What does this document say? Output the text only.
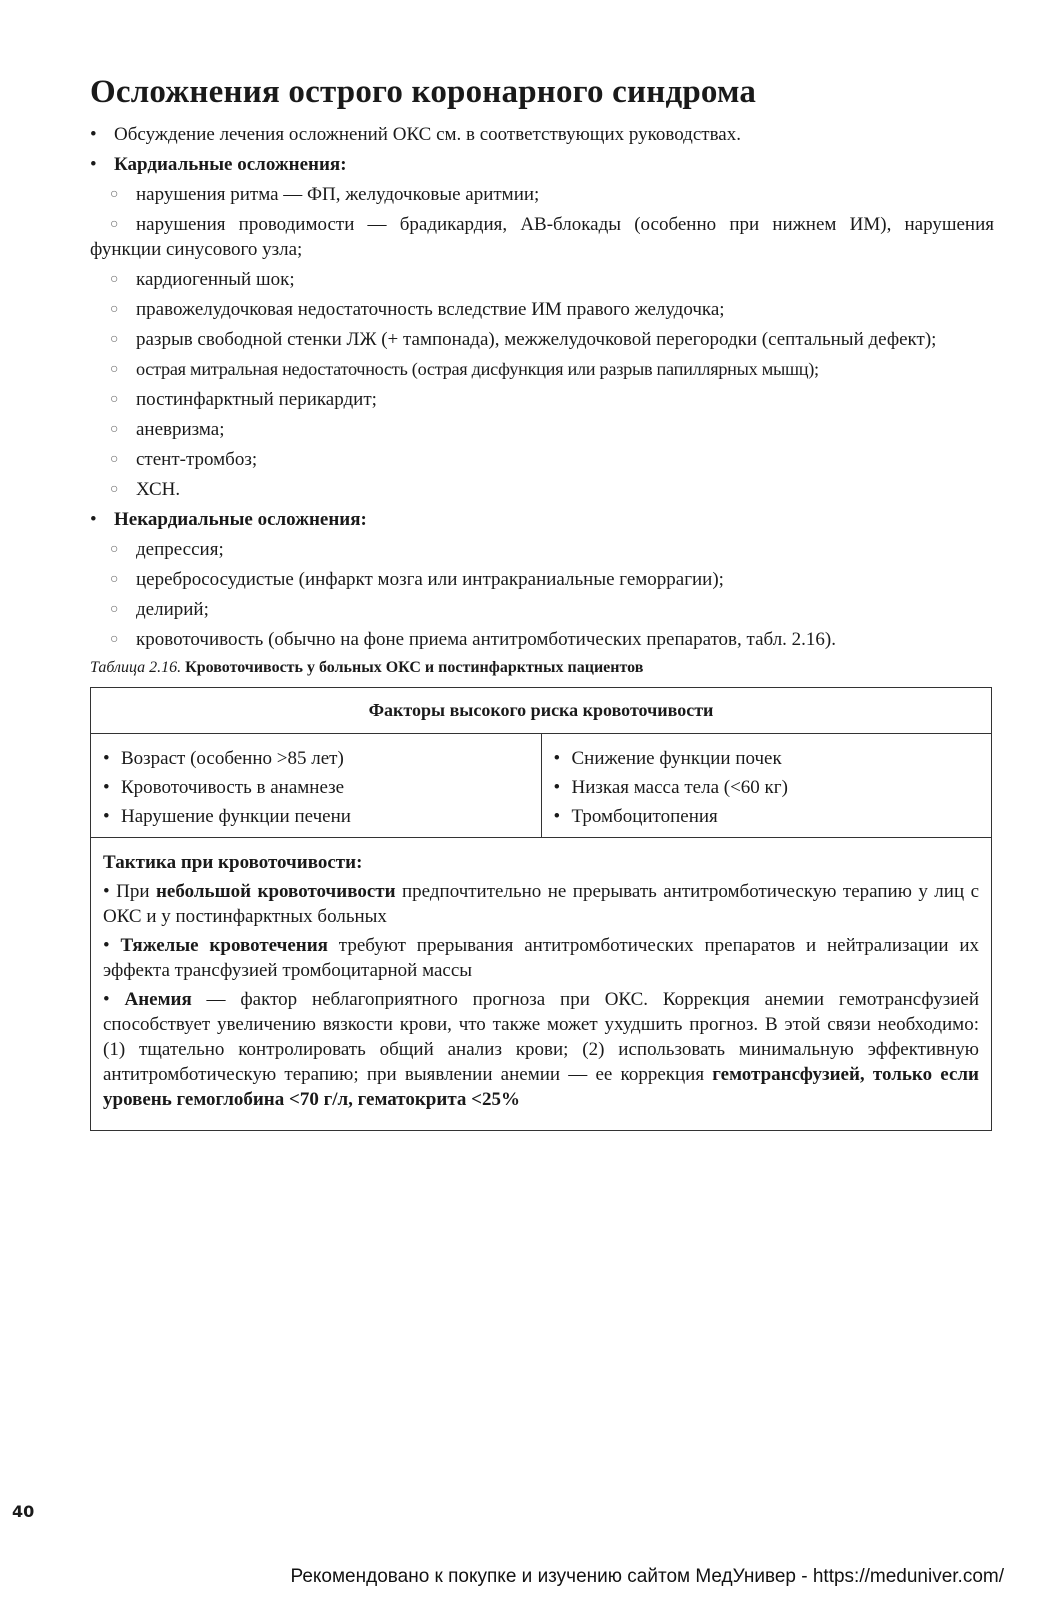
Осложнения острого коронарного синдрома
• Обсуждение лечения осложнений ОКС см. в соответствующих руководствах.
• Кардиальные осложнения:
○ нарушения ритма — ФП, желудочковые аритмии;
○ нарушения проводимости — брадикардия, АВ-блокады (особенно при нижнем ИМ), нарушения функции синусового узла;
○ кардиогенный шок;
○ правожелудочковая недостаточность вследствие ИМ правого желудочка;
○ разрыв свободной стенки ЛЖ (+ тампонада), межжелудочковой перегородки (септальный дефект);
○ острая митральная недостаточность (острая дисфункция или разрыв папиллярных мышц);
○ постинфарктный перикардит;
○ аневризма;
○ стент-тромбоз;
○ ХСН.
• Некардиальные осложнения:
○ депрессия;
○ цереброcосудистые (инфаркт мозга или интракраниальные геморрагии);
○ делирий;
○ кровоточивость (обычно на фоне приема антитромботических препаратов, табл. 2.16).
Таблица 2.16. Кровоточивость у больных ОКС и постинфарктных пациентов
Факторы высокого риска кровоточивости

• Возраст (особенно >85 лет)
• Кровоточивость в анамнезе
• Нарушение функции печени

• Снижение функции почек
• Низкая масса тела (<60 кг)
• Тромбоцитопения

Тактика при кровоточивости:

• При небольшой кровоточивости предпочтительно не прерывать антитромботическую терапию у лиц с ОКС и у постинфарктных больных

• Тяжелые кровотечения требуют прерывания антитромботических препаратов и нейтрализации их эффекта трансфузией тромбоцитарной массы

• Анемия — фактор неблагоприятного прогноза при ОКС. Коррекция анемии гемотрансфузией способствует увеличению вязкости крови, что также может ухудшить прогноз. В этой связи необходимо: (1) тщательно контролировать общий анализ крови; (2) использовать минимальную эффективную антитромботическую терапию; при выявлении анемии — ее коррекция гемотрансфузией, только если уровень гемоглобина <70 г/л, гематокрита <25%

40
Рекомендовано к покупке и изучению сайтом МедУнивер - https://meduniver.com/
